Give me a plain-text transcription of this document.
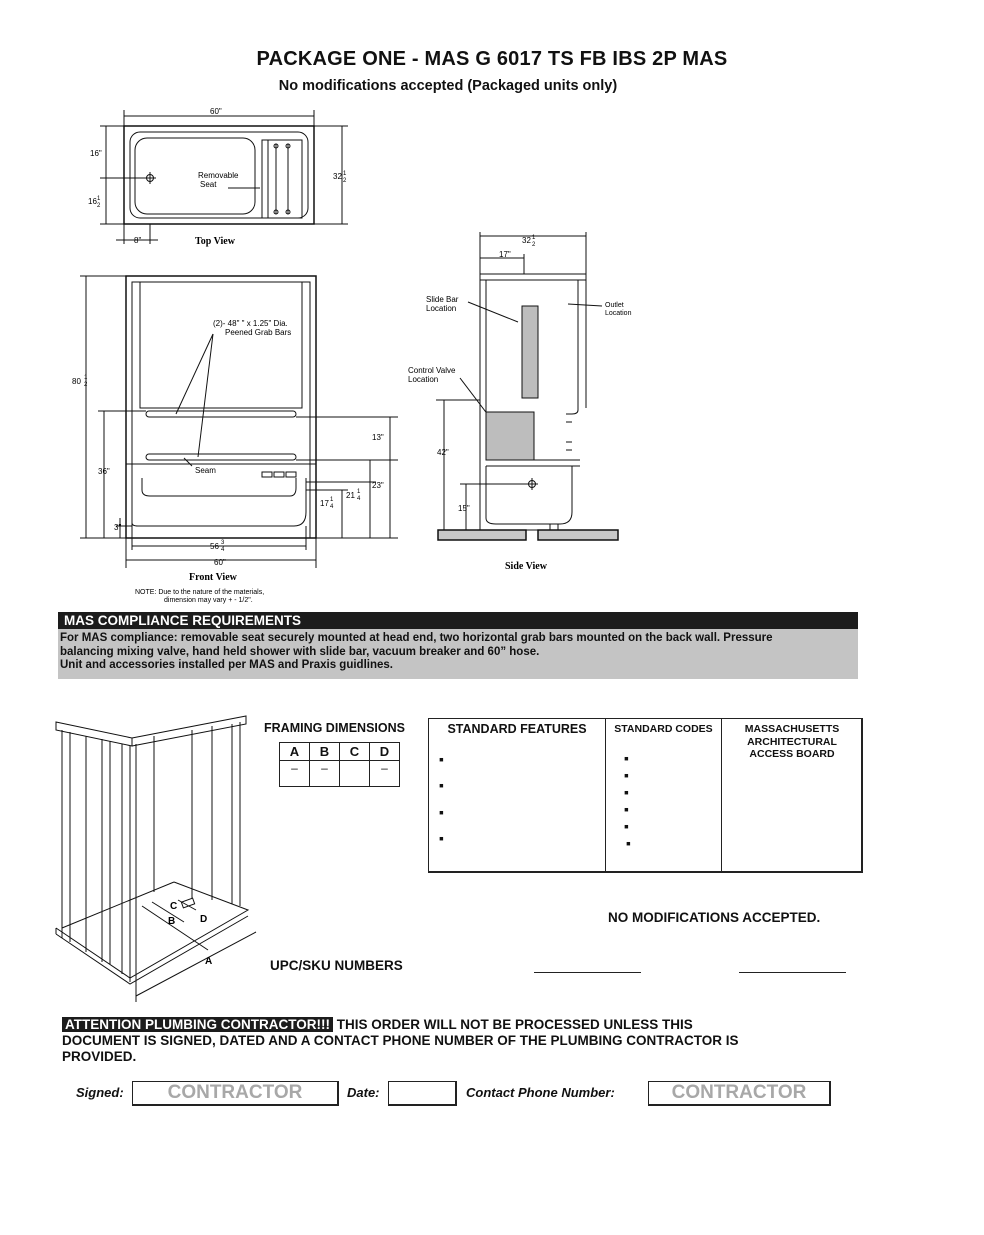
PACKAGE ONE - MAS G 6017 TS FB IBS 2P MAS
No modifications accepted (Packaged units only)
60"
16"
16 1
2
32 1
2
8"
Removable
Seat
Top View
(2)- 48" " x 1.25" Dia.
Peened Grab Bars
80 1
2
36"
13"
23"
21 1
4
17 1
4
3"
56 3
4
60"
Seam
Front View
NOTE: Due to the nature of the materials,
dimension may vary + - 1/2".
32 1
2
17"
Slide Bar
Location	Outlet
Location
Control Valve
Location
42"
15"
Side View
MAS COMPLIANCE REQUIREMENTS
For MAS compliance: removable seat securely mounted at head end, two horizontal grab bars mounted on the back wall. Pressure
balancing mixing valve, hand held shower with slide bar, vacuum breaker and 60” hose.
Unit and accessories installed per MAS and Praxis guidlines.
A
B
C
D
FRAMING DIMENSIONS
A	B	C	D
–	–		–
STANDARD FEATURES
▪
▪
▪
▪
STANDARD CODES
▪
▪
▪
▪
▪
▪
MASSACHUSETTS
ARCHITECTURAL
ACCESS BOARD
NO MODIFICATIONS ACCEPTED.
UPC/SKU NUMBERS
ATTENTION PLUMBING CONTRACTOR!!! THIS ORDER WILL NOT BE PROCESSED UNLESS THIS
DOCUMENT IS SIGNED, DATED AND A CONTACT PHONE NUMBER OF THE PLUMBING CONTRACTOR IS
PROVIDED.
Signed:	CONTRACTOR	Date:	Contact Phone Number:	CONTRACTOR
